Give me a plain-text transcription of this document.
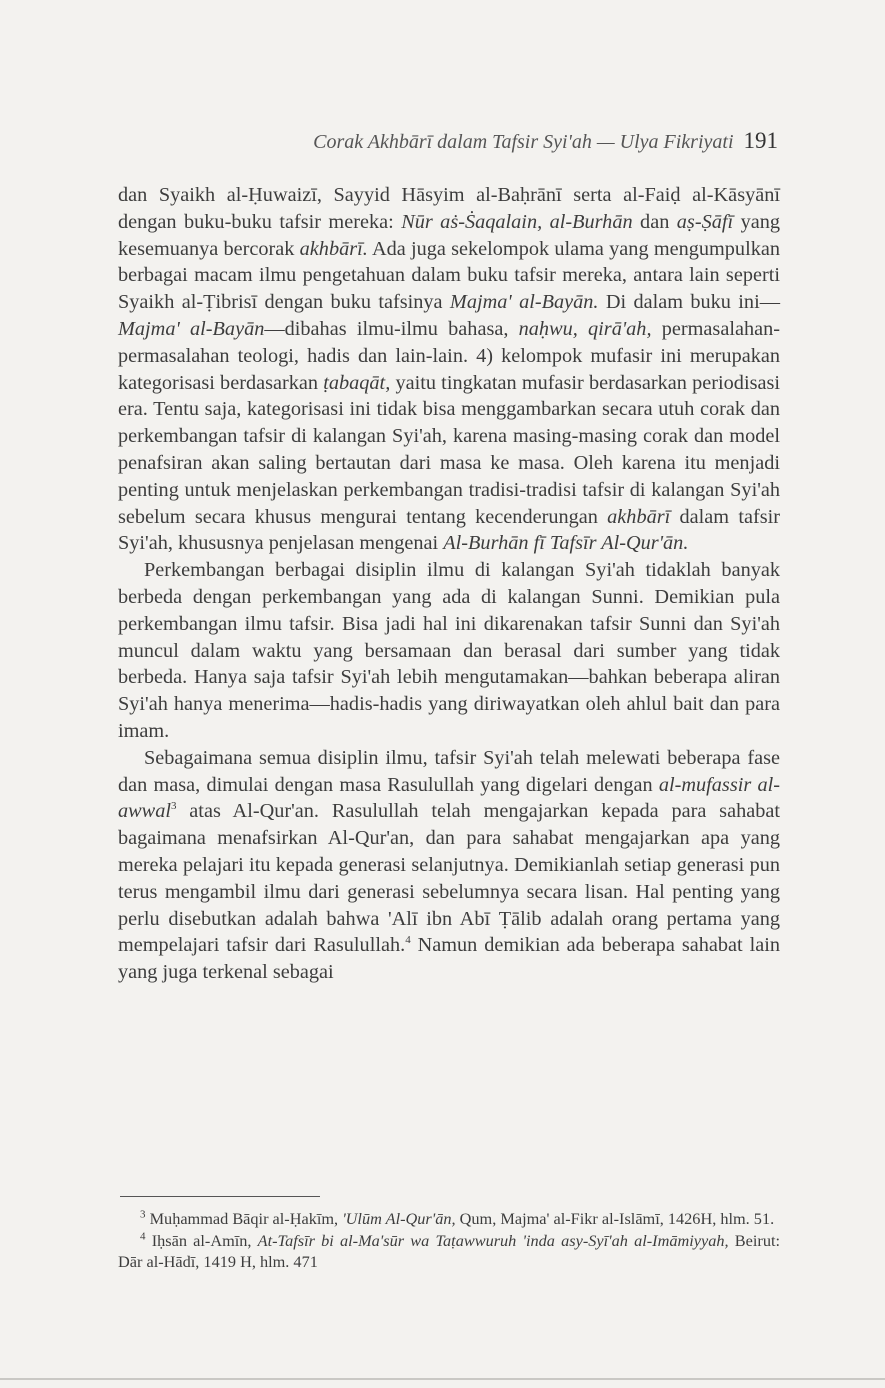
Corak Akhbārī dalam Tafsir Syi'ah — Ulya Fikriyati 191

dan Syaikh al-Ḥuwaizī, Sayyid Hāsyim al-Baḥrānī serta al-Faiḍ al-Kāsyānī dengan buku-buku tafsir mereka: Nūr aṡ-Ṡaqalain, al-Burhān dan aṣ-Ṣāfī yang kesemuanya bercorak akhbārī. Ada juga sekelompok ulama yang mengumpulkan berbagai macam ilmu pengetahuan dalam buku tafsir mereka, antara lain seperti Syaikh al-Ṭibrisī dengan buku tafsinya Majma' al-Bayān. Di dalam buku ini—Majma' al-Bayān—dibahas ilmu-ilmu bahasa, naḥwu, qirā'ah, permasalahan-permasalahan teologi, hadis dan lain-lain. 4) kelompok mufasir ini merupakan kategorisasi berdasarkan ṭabaqāt, yaitu tingkatan mufasir berdasarkan periodisasi era. Tentu saja, kategorisasi ini tidak bisa menggambarkan secara utuh corak dan perkembangan tafsir di kalangan Syi'ah, karena masing-masing corak dan model penafsiran akan saling bertautan dari masa ke masa. Oleh karena itu menjadi penting untuk menjelaskan perkembangan tradisi-tradisi tafsir di kalangan Syi'ah sebelum secara khusus mengurai tentang kecenderungan akhbārī dalam tafsir Syi'ah, khususnya penjelasan mengenai Al-Burhān fī Tafsīr Al-Qur'ān.

Perkembangan berbagai disiplin ilmu di kalangan Syi'ah tidaklah banyak berbeda dengan perkembangan yang ada di kalangan Sunni. Demikian pula perkembangan ilmu tafsir. Bisa jadi hal ini dikarenakan tafsir Sunni dan Syi'ah muncul dalam waktu yang bersamaan dan berasal dari sumber yang tidak berbeda. Hanya saja tafsir Syi'ah lebih mengutamakan—bahkan beberapa aliran Syi'ah hanya menerima—hadis-hadis yang diriwayatkan oleh ahlul bait dan para imam.

Sebagaimana semua disiplin ilmu, tafsir Syi'ah telah melewati beberapa fase dan masa, dimulai dengan masa Rasulullah yang digelari dengan al-mufassir al-awwal$^3$ atas Al-Qur'an. Rasulullah telah mengajarkan kepada para sahabat bagaimana menafsirkan Al-Qur'an, dan para sahabat mengajarkan apa yang mereka pelajari itu kepada generasi selanjutnya. Demikianlah setiap generasi pun terus mengambil ilmu dari generasi sebelumnya secara lisan. Hal penting yang perlu disebutkan adalah bahwa 'Alī ibn Abī Ṭālib adalah orang pertama yang mempelajari tafsir dari Rasulullah.$^4$ Namun demikian ada beberapa sahabat lain yang juga terkenal sebagai

$^3$ Muḥammad Bāqir al-Ḥakīm, 'Ulūm Al-Qur'ān, Qum, Majma' al-Fikr al-Islāmī, 1426H, hlm. 51.

$^4$ Iḥsān al-Amīn, At-Tafsīr bi al-Ma'sūr wa Taṭawwuruh 'inda asy-Syī'ah al-Imāmiyyah, Beirut: Dār al-Hādī, 1419 H, hlm. 471
